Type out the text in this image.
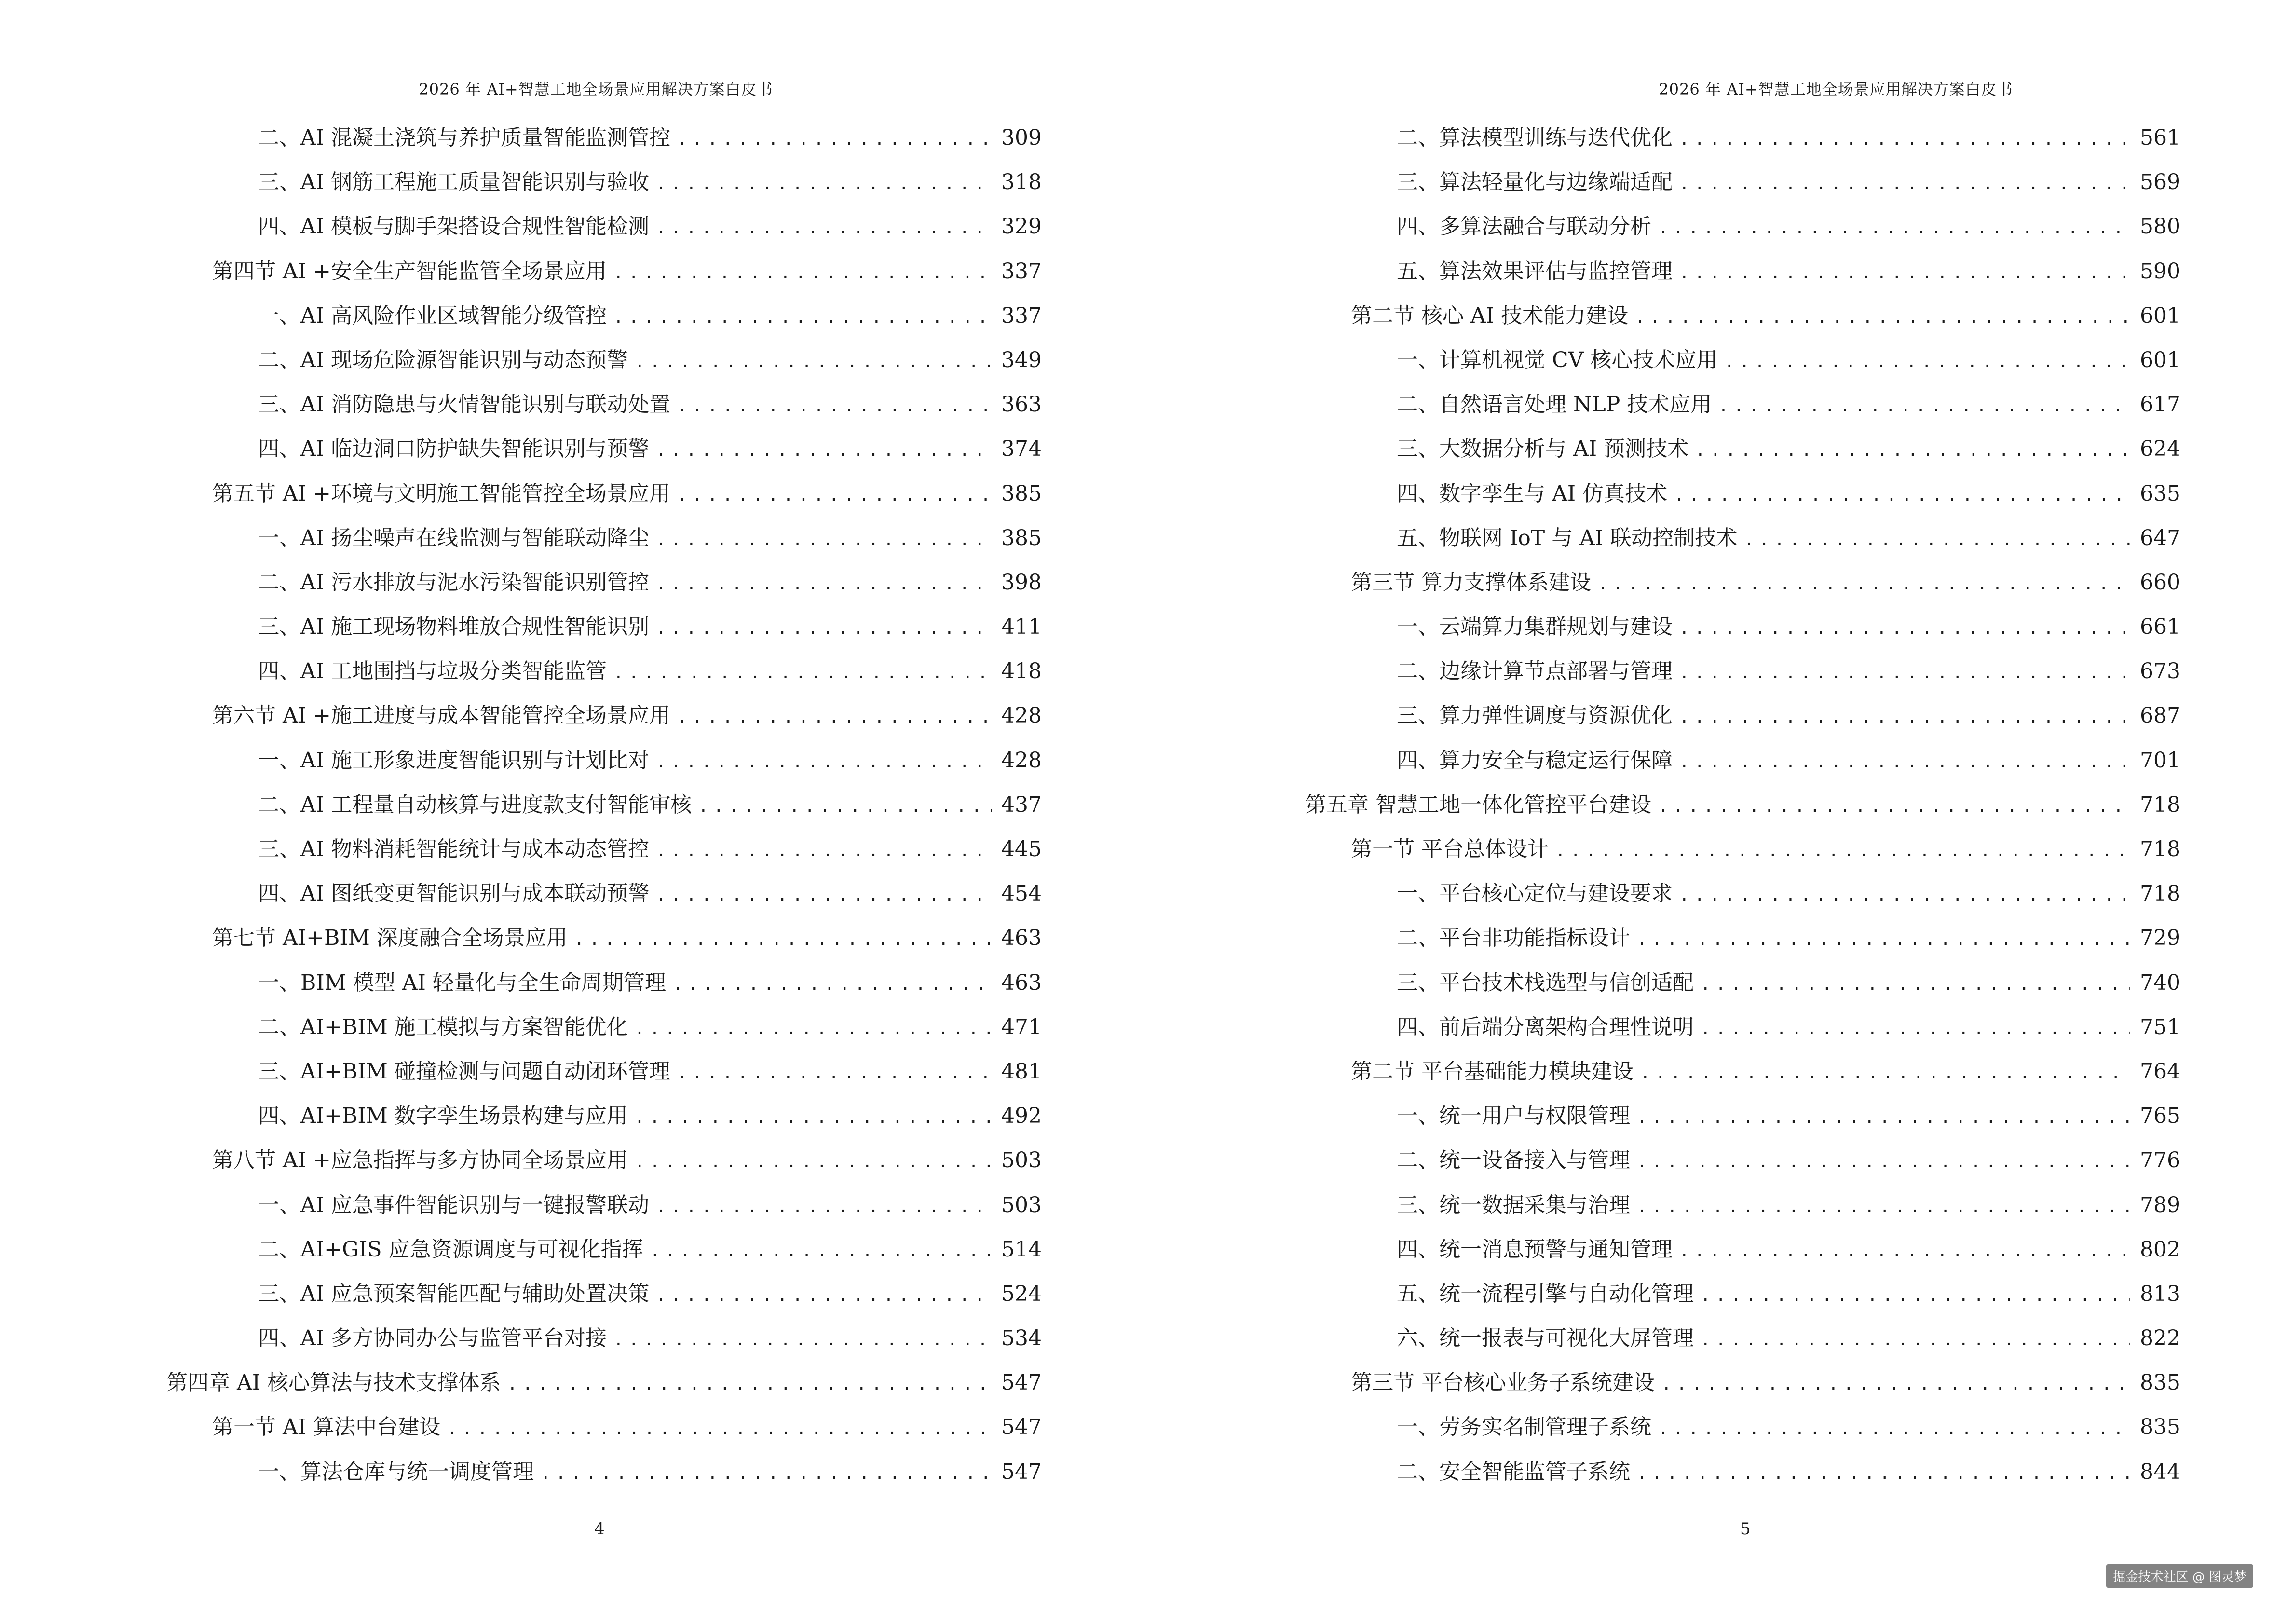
2026 年 AI+智慧工地全场景应用解决方案白皮书
二、AI 混凝土浇筑与养护质量智能监测管控 .....	309
三、AI 钢筋工程施工质量智能识别与验收 .....	318
四、AI 模板与脚手架搭设合规性智能检测 .....	329
第四节 AI +安全生产智能监管全场景应用 .....	337
一、AI 高风险作业区域智能分级管控 .....	337
二、AI 现场危险源智能识别与动态预警 .....	349
三、AI 消防隐患与火情智能识别与联动处置 .....	363
四、AI 临边洞口防护缺失智能识别与预警 .....	374
第五节 AI +环境与文明施工智能管控全场景应用 .....	385
一、AI 扬尘噪声在线监测与智能联动降尘 .....	385
二、AI 污水排放与泥水污染智能识别管控 .....	398
三、AI 施工现场物料堆放合规性智能识别 .....	411
四、AI 工地围挡与垃圾分类智能监管 .....	418
第六节 AI +施工进度与成本智能管控全场景应用 .....	428
一、AI 施工形象进度智能识别与计划比对 .....	428
二、AI 工程量自动核算与进度款支付智能审核 .....	437
三、AI 物料消耗智能统计与成本动态管控 .....	445
四、AI 图纸变更智能识别与成本联动预警 .....	454
第七节 AI+BIM 深度融合全场景应用 .....	463
一、BIM 模型 AI 轻量化与全生命周期管理 .....	463
二、AI+BIM 施工模拟与方案智能优化 .....	471
三、AI+BIM 碰撞检测与问题自动闭环管理 .....	481
四、AI+BIM 数字孪生场景构建与应用 .....	492
第八节 AI +应急指挥与多方协同全场景应用 .....	503
一、AI 应急事件智能识别与一键报警联动 .....	503
二、AI+GIS 应急资源调度与可视化指挥 .....	514
三、AI 应急预案智能匹配与辅助处置决策 .....	524
四、AI 多方协同办公与监管平台对接 .....	534
第四章 AI 核心算法与技术支撑体系 .....	547
第一节 AI 算法中台建设 .....	547
一、算法仓库与统一调度管理 .....	547
4
2026 年 AI+智慧工地全场景应用解决方案白皮书
二、算法模型训练与迭代优化 .....	561
三、算法轻量化与边缘端适配 .....	569
四、多算法融合与联动分析 .....	580
五、算法效果评估与监控管理 .....	590
第二节 核心 AI 技术能力建设 .....	601
一、计算机视觉 CV 核心技术应用 .....	601
二、自然语言处理 NLP 技术应用 .....	617
三、大数据分析与 AI 预测技术 .....	624
四、数字孪生与 AI 仿真技术 .....	635
五、物联网 IoT 与 AI 联动控制技术 .....	647
第三节 算力支撑体系建设 .....	660
一、云端算力集群规划与建设 .....	661
二、边缘计算节点部署与管理 .....	673
三、算力弹性调度与资源优化 .....	687
四、算力安全与稳定运行保障 .....	701
第五章 智慧工地一体化管控平台建设 .....	718
第一节 平台总体设计 .....	718
一、平台核心定位与建设要求 .....	718
二、平台非功能指标设计 .....	729
三、平台技术栈选型与信创适配 .....	740
四、前后端分离架构合理性说明 .....	751
第二节 平台基础能力模块建设 .....	764
一、统一用户与权限管理 .....	765
二、统一设备接入与管理 .....	776
三、统一数据采集与治理 .....	789
四、统一消息预警与通知管理 .....	802
五、统一流程引擎与自动化管理 .....	813
六、统一报表与可视化大屏管理 .....	822
第三节 平台核心业务子系统建设 .....	835
一、劳务实名制管理子系统 .....	835
二、安全智能监管子系统 .....	844
5
掘金技术社区 @ 图灵梦
